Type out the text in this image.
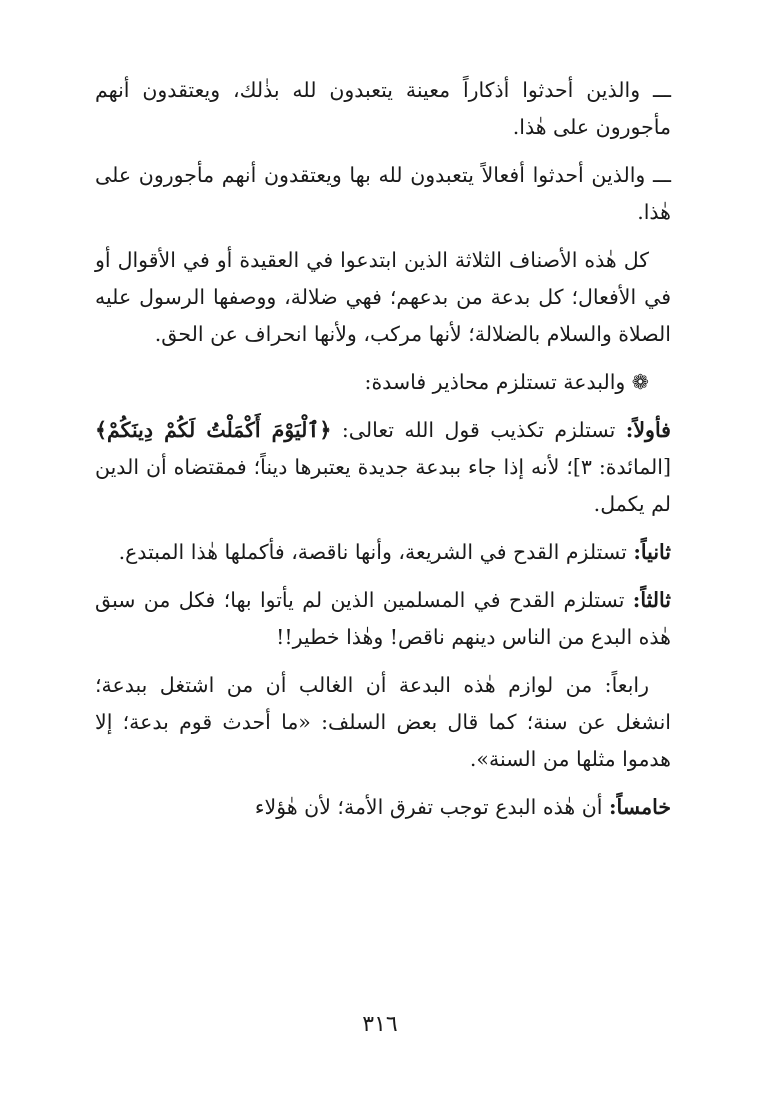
ـــ والذين أحدثوا أذكاراً معينة يتعبدون لله بذٰلك، ويعتقدون أنهم مأجورون على هٰذا.

ـــ والذين أحدثوا أفعالاً يتعبدون لله بها ويعتقدون أنهم مأجورون على هٰذا.

كل هٰذه الأصناف الثلاثة الذين ابتدعوا في العقيدة أو في الأقوال أو في الأفعال؛ كل بدعة من بدعهم؛ فهي ضلالة، ووصفها الرسول عليه الصلاة والسلام بالضلالة؛ لأنها مركب، ولأنها انحراف عن الحق.

❁ والبدعة تستلزم محاذير فاسدة:

فأولاً: تستلزم تكذيب قول الله تعالى: ﴿ٱلْيَوْمَ أَكْمَلْتُ لَكُمْ دِينَكُمْ﴾ [المائدة: ٣]؛ لأنه إذا جاء ببدعة جديدة يعتبرها ديناً؛ فمقتضاه أن الدين لم يكمل.

ثانياً: تستلزم القدح في الشريعة، وأنها ناقصة، فأكملها هٰذا المبتدع.

ثالثاً: تستلزم القدح في المسلمين الذين لم يأتوا بها؛ فكل من سبق هٰذه البدع من الناس دينهم ناقص! وهٰذا خطير!!

رابعاً: من لوازم هٰذه البدعة أن الغالب أن من اشتغل ببدعة؛ انشغل عن سنة؛ كما قال بعض السلف: «ما أحدث قوم بدعة؛ إلا هدموا مثلها من السنة».

خامساً: أن هٰذه البدع توجب تفرق الأمة؛ لأن هٰؤلاء

٣١٦
